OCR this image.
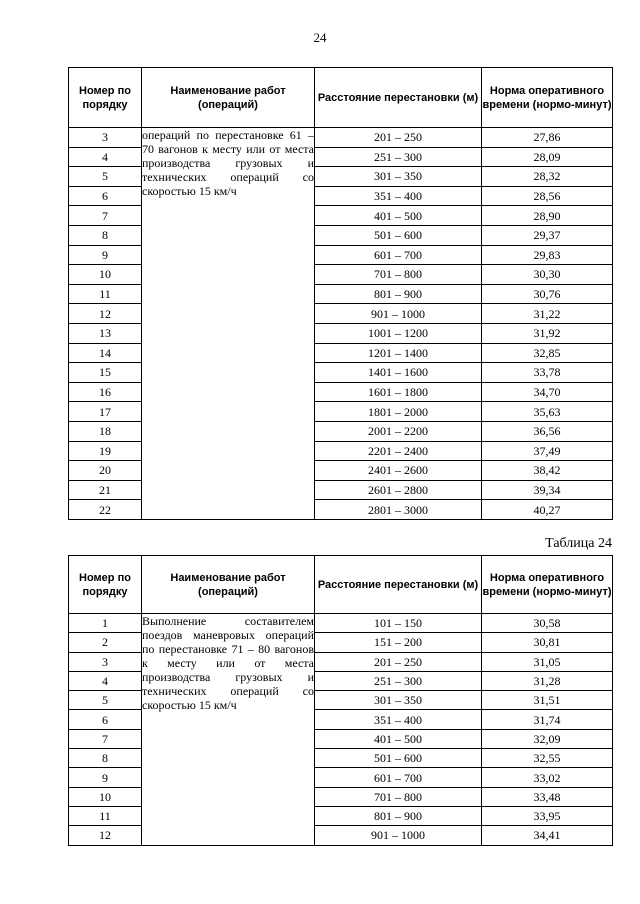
24
Номер по порядку	Наименование работ (операций)	Расстояние перестановки (м)	Норма оперативного времени (нормо-минут)
3	операций по перестановке 61 – 70 вагонов к месту или от места производства грузовых и технических операций со скоростью 15 км/ч	201 – 250	27,86
4		251 – 300	28,09
5		301 – 350	28,32
6		351 – 400	28,56
7		401 – 500	28,90
8		501 – 600	29,37
9		601 – 700	29,83
10		701 – 800	30,30
11		801 – 900	30,76
12		901 – 1000	31,22
13		1001 – 1200	31,92
14		1201 – 1400	32,85
15		1401 – 1600	33,78
16		1601 – 1800	34,70
17		1801 – 2000	35,63
18		2001 – 2200	36,56
19		2201 – 2400	37,49
20		2401 – 2600	38,42
21		2601 – 2800	39,34
22		2801 – 3000	40,27
Таблица 24
Номер по порядку	Наименование работ (операций)	Расстояние перестановки (м)	Норма оперативного времени (нормо-минут)
1	Выполнение составителем поездов маневровых операций по перестановке 71 – 80 вагонов к месту или от места производства грузовых и технических операций со скоростью 15 км/ч	101 – 150	30,58
2		151 – 200	30,81
3		201 – 250	31,05
4		251 – 300	31,28
5		301 – 350	31,51
6		351 – 400	31,74
7		401 – 500	32,09
8		501 – 600	32,55
9		601 – 700	33,02
10		701 – 800	33,48
11		801 – 900	33,95
12		901 – 1000	34,41
